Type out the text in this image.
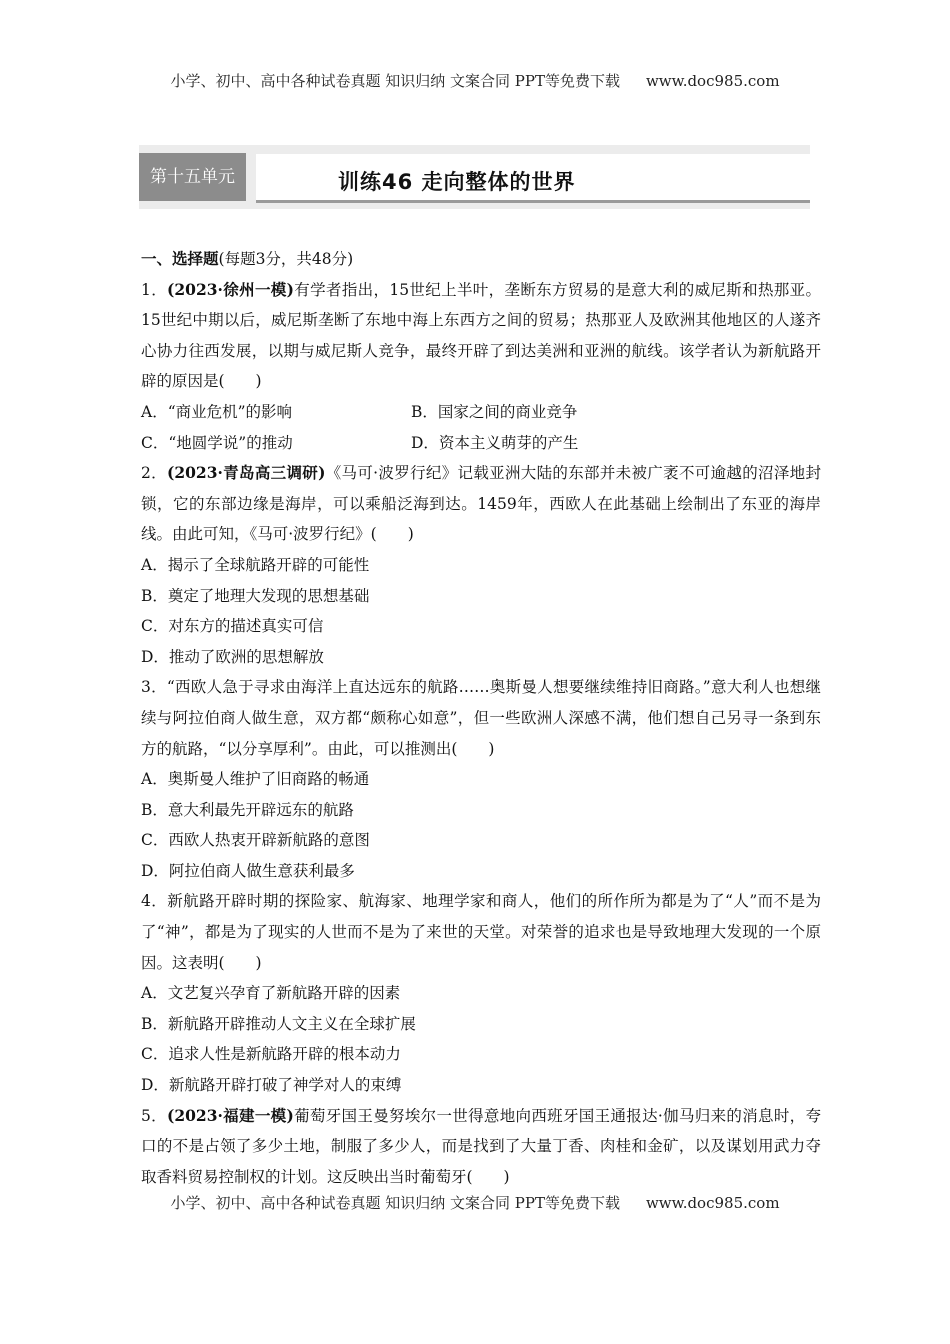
小学、初中、高中各种试卷真题 知识归纳 文案合同 PPT等免费下载 www.doc985.com
第十五单元	训练46 走向整体的世界
一、选择题(每题3分，共48分)
1．(2023·徐州一模)有学者指出，15世纪上半叶，垄断东方贸易的是意大利的威尼斯和热那亚。15世纪中期以后，威尼斯垄断了东地中海上东西方之间的贸易；热那亚人及欧洲其他地区的人遂齐心协力往西发展，以期与威尼斯人竞争，最终开辟了到达美洲和亚洲的航线。该学者认为新航路开辟的原因是(　　)
A．“商业危机”的影响	B．国家之间的商业竞争
C．“地圆学说”的推动	D．资本主义萌芽的产生
2．(2023·青岛高三调研)《马可·波罗行纪》记载亚洲大陆的东部并未被广袤不可逾越的沼泽地封锁，它的东部边缘是海岸，可以乘船泛海到达。1459年，西欧人在此基础上绘制出了东亚的海岸线。由此可知，《马可·波罗行纪》(　　)
A．揭示了全球航路开辟的可能性
B．奠定了地理大发现的思想基础
C．对东方的描述真实可信
D．推动了欧洲的思想解放
3．“西欧人急于寻求由海洋上直达远东的航路……奥斯曼人想要继续维持旧商路。”意大利人也想继续与阿拉伯商人做生意，双方都“颇称心如意”，但一些欧洲人深感不满，他们想自己另寻一条到东方的航路，“以分享厚利”。由此，可以推测出(　　)
A．奥斯曼人维护了旧商路的畅通
B．意大利最先开辟远东的航路
C．西欧人热衷开辟新航路的意图
D．阿拉伯商人做生意获利最多
4．新航路开辟时期的探险家、航海家、地理学家和商人，他们的所作所为都是为了“人”而不是为了“神”，都是为了现实的人世而不是为了来世的天堂。对荣誉的追求也是导致地理大发现的一个原因。这表明(　　)
A．文艺复兴孕育了新航路开辟的因素
B．新航路开辟推动人文主义在全球扩展
C．追求人性是新航路开辟的根本动力
D．新航路开辟打破了神学对人的束缚
5．(2023·福建一模)葡萄牙国王曼努埃尔一世得意地向西班牙国王通报达·伽马归来的消息时，夸口的不是占领了多少土地，制服了多少人，而是找到了大量丁香、肉桂和金矿，以及谋划用武力夺取香料贸易控制权的计划。这反映出当时葡萄牙(　　)
小学、初中、高中各种试卷真题 知识归纳 文案合同 PPT等免费下载 www.doc985.com
